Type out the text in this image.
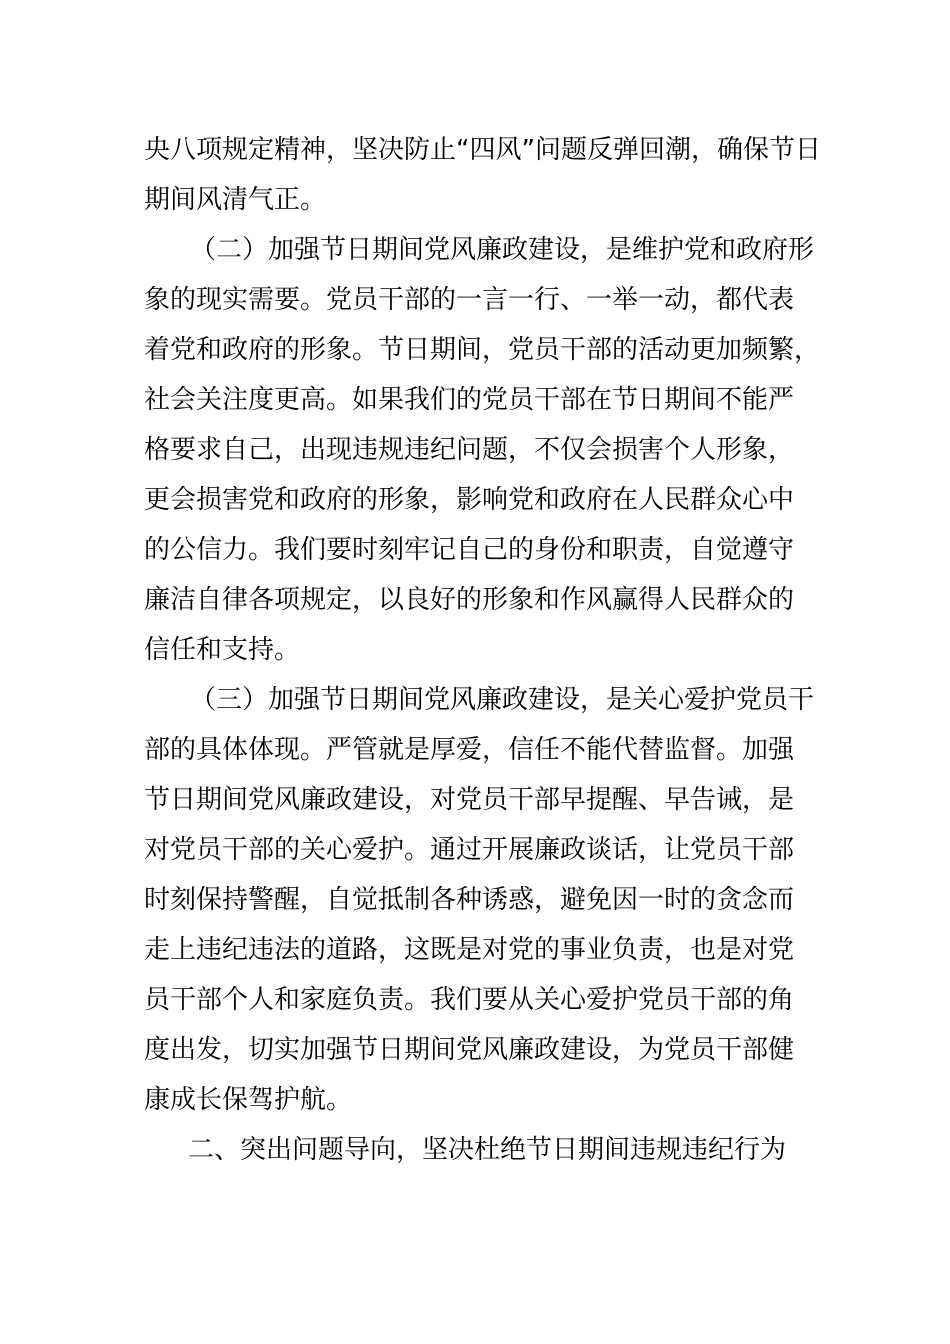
央八项规定精神，坚决防止“四风”问题反弹回潮，确保节日

期间风清气正。

（二）加强节日期间党风廉政建设，是维护党和政府形

象的现实需要。党员干部的一言一行、一举一动，都代表

着党和政府的形象。节日期间，党员干部的活动更加频繁，

社会关注度更高。如果我们的党员干部在节日期间不能严

格要求自己，出现违规违纪问题，不仅会损害个人形象，

更会损害党和政府的形象，影响党和政府在人民群众心中

的公信力。我们要时刻牢记自己的身份和职责，自觉遵守

廉洁自律各项规定，以良好的形象和作风赢得人民群众的

信任和支持。

（三）加强节日期间党风廉政建设，是关心爱护党员干

部的具体体现。严管就是厚爱，信任不能代替监督。加强

节日期间党风廉政建设，对党员干部早提醒、早告诫，是

对党员干部的关心爱护。通过开展廉政谈话，让党员干部

时刻保持警醒，自觉抵制各种诱惑，避免因一时的贪念而

走上违纪违法的道路，这既是对党的事业负责，也是对党

员干部个人和家庭负责。我们要从关心爱护党员干部的角

度出发，切实加强节日期间党风廉政建设，为党员干部健

康成长保驾护航。

二、突出问题导向，坚决杜绝节日期间违规违纪行为
